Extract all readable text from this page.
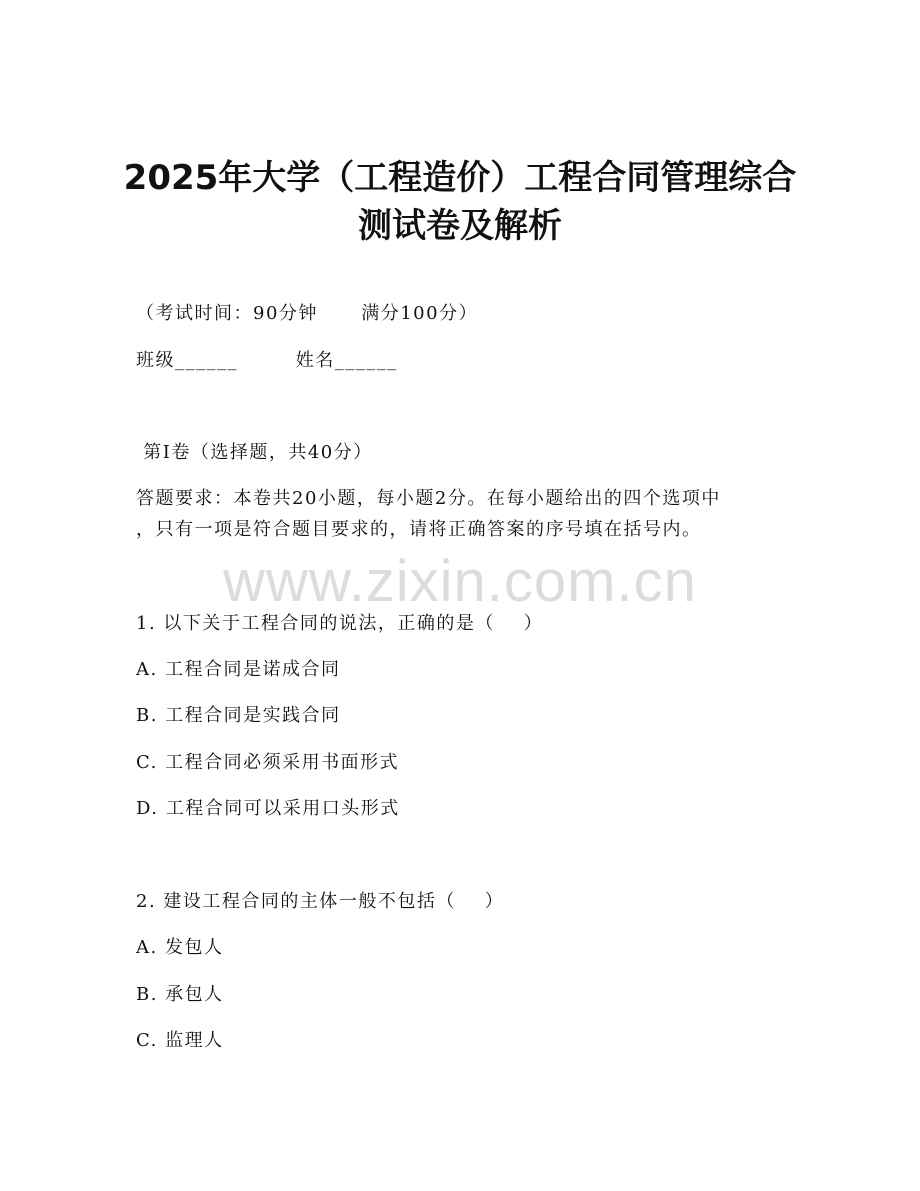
2025年大学（工程造价）工程合同管理综合
测试卷及解析
（考试时间：90分钟      满分100分）
班级______        姓名______
第I卷（选择题，共40分）
答题要求：本卷共20小题，每小题2分。在每小题给出的四个选项中
，只有一项是符合题目要求的，请将正确答案的序号填在括号内。
www.zixin.com.cn
1. 以下关于工程合同的说法，正确的是（    ）
A. 工程合同是诺成合同
B. 工程合同是实践合同
C. 工程合同必须采用书面形式
D. 工程合同可以采用口头形式
2. 建设工程合同的主体一般不包括（    ）
A. 发包人
B. 承包人
C. 监理人
